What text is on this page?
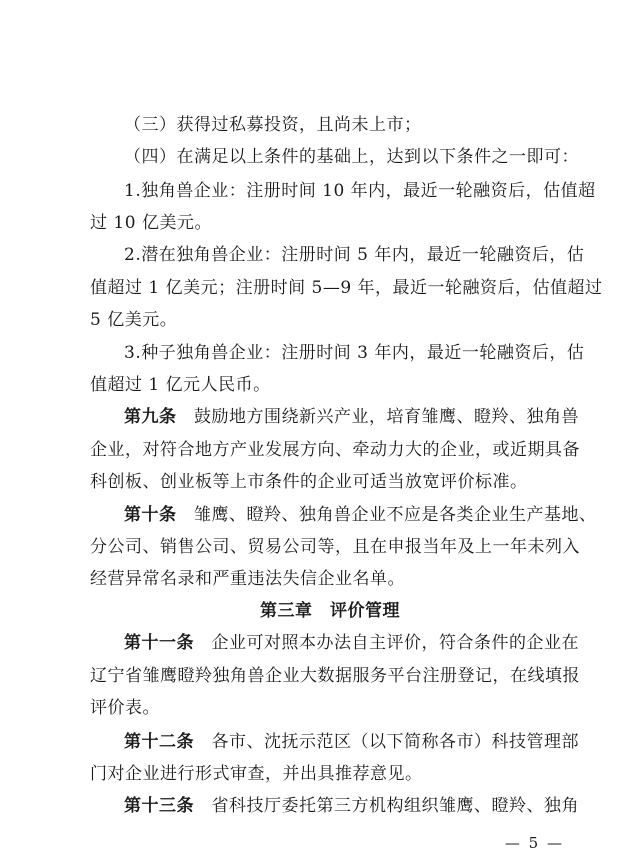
（三）获得过私募投资，且尚未上市；
（四）在满足以上条件的基础上，达到以下条件之一即可：
1.独角兽企业：注册时间 10 年内，最近一轮融资后，估值超
过 10 亿美元。
2.潜在独角兽企业：注册时间 5 年内，最近一轮融资后，估
值超过 1 亿美元；注册时间 5—9 年，最近一轮融资后，估值超过
5 亿美元。
3.种子独角兽企业：注册时间 3 年内，最近一轮融资后，估
值超过 1 亿元人民币。
第九条　 鼓励地方围绕新兴产业，培育雏鹰、瞪羚、独角兽
企业，对符合地方产业发展方向、牵动力大的企业，或近期具备
科创板、创业板等上市条件的企业可适当放宽评价标准。
第十条　 雏鹰、瞪羚、独角兽企业不应是各类企业生产基地、
分公司、销售公司、贸易公司等，且在申报当年及上一年未列入
经营异常名录和严重违法失信企业名单。
第三章　评价管理
第十一条　 企业可对照本办法自主评价，符合条件的企业在
辽宁省雏鹰瞪羚独角兽企业大数据服务平台注册登记，在线填报
评价表。
第十二条　 各市、沈抚示范区（以下简称各市）科技管理部
门对企业进行形式审查，并出具推荐意见。
第十三条　 省科技厅委托第三方机构组织雏鹰、瞪羚、独角
— 5 —
